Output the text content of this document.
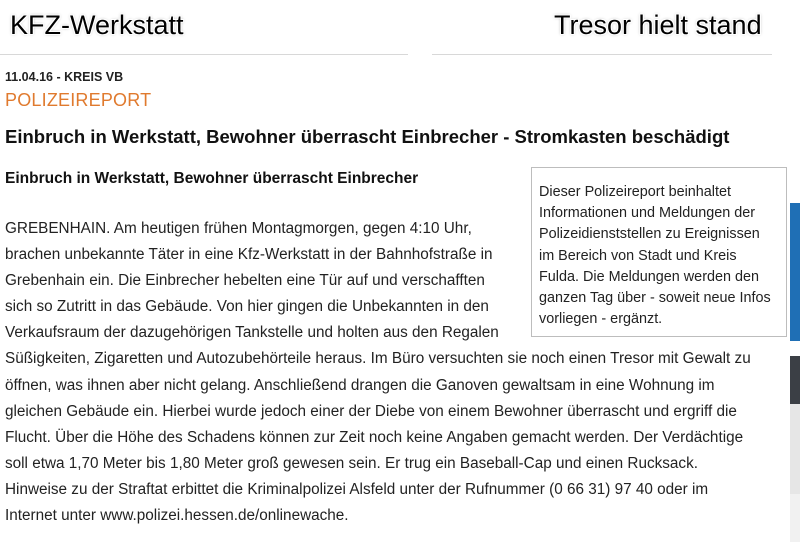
KFZ-Werkstatt	Tresor hielt stand
11.04.16 - KREIS VB
POLIZEIREPORT
Einbruch in Werkstatt, Bewohner überrascht Einbrecher - Stromkasten beschädigt
Einbruch in Werkstatt, Bewohner überrascht Einbrecher

Dieser Polizeireport beinhaltet Informationen und Meldungen der Polizeidienststellen zu Ereignissen im Bereich von Stadt und Kreis Fulda. Die Meldungen werden den ganzen Tag über - soweit neue Infos vorliegen - ergänzt.

GREBENHAIN. Am heutigen frühen Montagmorgen, gegen 4:10 Uhr,
brachen unbekannte Täter in eine Kfz-Werkstatt in der Bahnhofstraße in
Grebenhain ein. Die Einbrecher hebelten eine Tür auf und verschafften
sich so Zutritt in das Gebäude. Von hier gingen die Unbekannten in den
Verkaufsraum der dazugehörigen Tankstelle und holten aus den Regalen
Süßigkeiten, Zigaretten und Autozubehörteile heraus. Im Büro versuchten sie noch einen Tresor mit Gewalt zu
öffnen, was ihnen aber nicht gelang. Anschließend drangen die Ganoven gewaltsam in eine Wohnung im
gleichen Gebäude ein. Hierbei wurde jedoch einer der Diebe von einem Bewohner überrascht und ergriff die
Flucht. Über die Höhe des Schadens können zur Zeit noch keine Angaben gemacht werden. Der Verdächtige
soll etwa 1,70 Meter bis 1,80 Meter groß gewesen sein. Er trug ein Baseball-Cap und einen Rucksack.
Hinweise zu der Straftat erbittet die Kriminalpolizei Alsfeld unter der Rufnummer (0 66 31) 97 40 oder im
Internet unter www.polizei.hessen.de/onlinewache.
